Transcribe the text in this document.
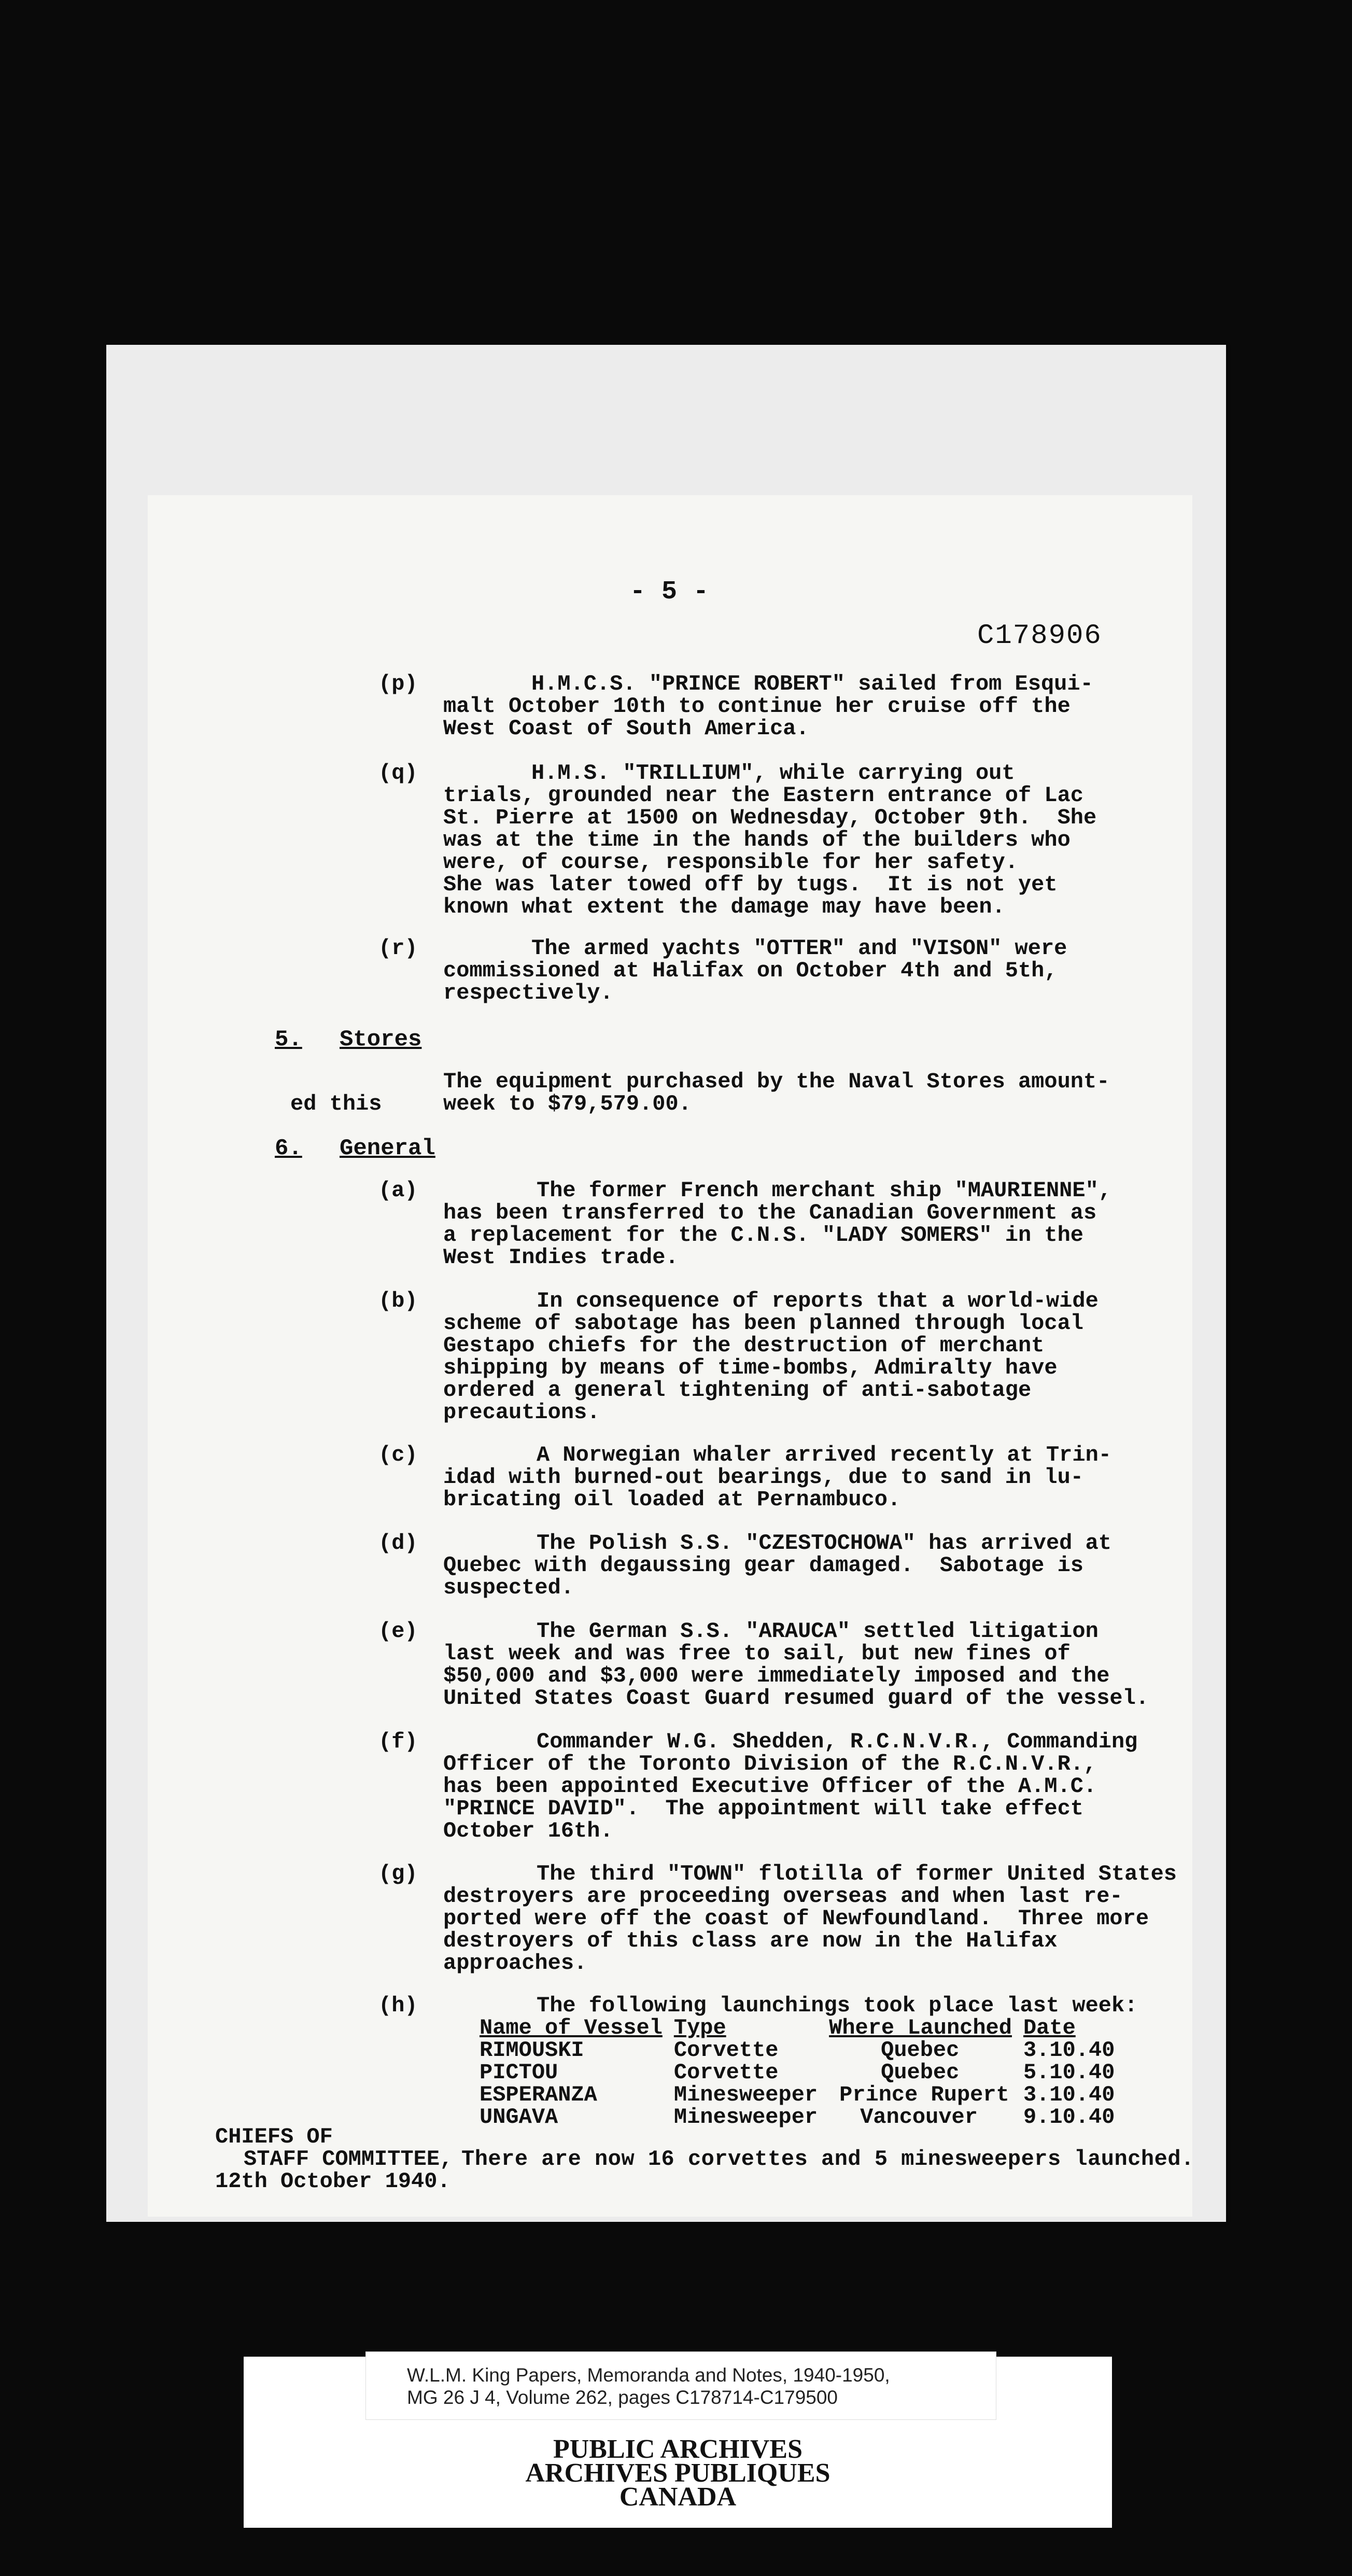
- 5 -
C178906
(p)	H.M.C.S. "PRINCE ROBERT" sailed from Esqui-
malt October 10th to continue her cruise off the
West Coast of South America.
(q)	H.M.S. "TRILLIUM", while carrying out
trials, grounded near the Eastern entrance of Lac
St. Pierre at 1500 on Wednesday, October 9th.  She
was at the time in the hands of the builders who
were, of course, responsible for her safety.
She was later towed off by tugs.  It is not yet
known what extent the damage may have been.
(r)	The armed yachts "OTTER" and "VISON" were
commissioned at Halifax on October 4th and 5th,
respectively.
5. Stores
The equipment purchased by the Naval Stores amount-
week to $79,579.00.
ed this
6. General
(a)	The former French merchant ship "MAURIENNE",
has been transferred to the Canadian Government as
a replacement for the C.N.S. "LADY SOMERS" in the
West Indies trade.
(b)	In consequence of reports that a world-wide
scheme of sabotage has been planned through local
Gestapo chiefs for the destruction of merchant
shipping by means of time-bombs, Admiralty have
ordered a general tightening of anti-sabotage
precautions.
(c)	A Norwegian whaler arrived recently at Trin-
idad with burned-out bearings, due to sand in lu-
bricating oil loaded at Pernambuco.
(d)	The Polish S.S. "CZESTOCHOWA" has arrived at
Quebec with degaussing gear damaged.  Sabotage is
suspected.
(e)	The German S.S. "ARAUCA" settled litigation
last week and was free to sail, but new fines of
$50,000 and $3,000 were immediately imposed and the
United States Coast Guard resumed guard of the vessel.
(f)	Commander W.G. Shedden, R.C.N.V.R., Commanding
Officer of the Toronto Division of the R.C.N.V.R.,
has been appointed Executive Officer of the A.M.C.
"PRINCE DAVID".  The appointment will take effect
October 16th.
(g)	The third "TOWN" flotilla of former United States
destroyers are proceeding overseas and when last re-
ported were off the coast of Newfoundland.  Three more
destroyers of this class are now in the Halifax
approaches.
(h)	The following launchings took place last week:
Name of Vessel	Type	Where Launched	Date
RIMOUSKI	Corvette	Quebec	3.10.40
PICTOU	Corvette	Quebec	5.10.40
ESPERANZA	Minesweeper	Prince Rupert	3.10.40
UNGAVA	Minesweeper	Vancouver	9.10.40
CHIEFS OF
STAFF COMMITTEE, There are now 16 corvettes and 5 minesweepers launched.
12th October 1940.
W.L.M. King Papers, Memoranda and Notes, 1940-1950,
MG 26 J 4, Volume 262, pages C178714-C179500
PUBLIC ARCHIVES
ARCHIVES PUBLIQUES
CANADA
